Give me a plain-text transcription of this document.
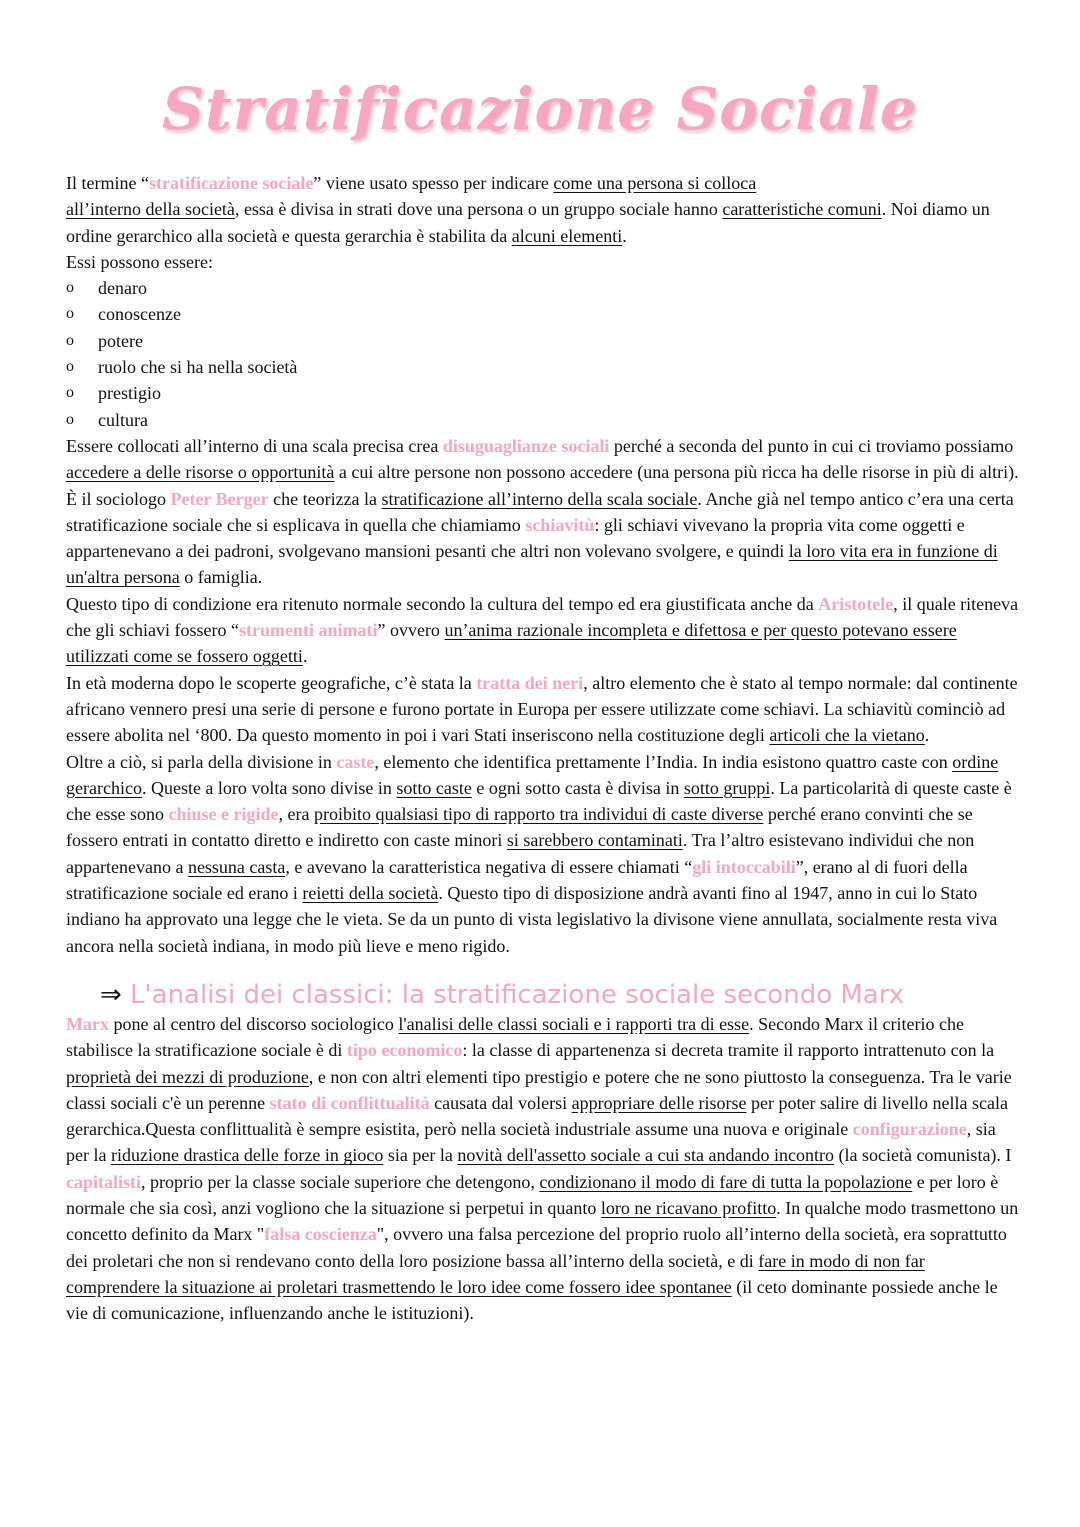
Stratificazione Sociale

Il termine “stratificazione sociale” viene usato spesso per indicare come una persona si colloca
all’interno della società, essa è divisa in strati dove una persona o un gruppo sociale hanno caratteristiche comuni. Noi diamo un ordine gerarchico alla società e questa gerarchia è stabilita da alcuni elementi.

Essi possono essere:

o	denaro
o	conoscenze
o	potere
o	ruolo che si ha nella società
o	prestigio
o	cultura

Essere collocati all’interno di una scala precisa crea disuguaglianze sociali perché a seconda del punto in cui ci troviamo possiamo accedere a delle risorse o opportunità a cui altre persone non possono accedere (una persona più ricca ha delle risorse in più di altri). È il sociologo Peter Berger che teorizza la stratificazione all’interno della scala sociale. Anche già nel tempo antico c’era una certa stratificazione sociale che si esplicava in quella che chiamiamo schiavitù: gli schiavi vivevano la propria vita come oggetti e appartenevano a dei padroni, svolgevano mansioni pesanti che altri non volevano svolgere, e quindi la loro vita era in funzione di un'altra persona o famiglia.

Questo tipo di condizione era ritenuto normale secondo la cultura del tempo ed era giustificata anche da Aristotele, il quale riteneva che gli schiavi fossero “strumenti animati” ovvero un’anima razionale incompleta e difettosa e per questo potevano essere utilizzati come se fossero oggetti.

In età moderna dopo le scoperte geografiche, c’è stata la tratta dei neri, altro elemento che è stato al tempo normale: dal continente africano vennero presi una serie di persone e furono portate in Europa per essere utilizzate come schiavi. La schiavitù cominciò ad essere abolita nel ‘800. Da questo momento in poi i vari Stati inseriscono nella costituzione degli articoli che la vietano.

Oltre a ciò, si parla della divisione in caste, elemento che identifica prettamente l’India. In india esistono quattro caste con ordine gerarchico. Queste a loro volta sono divise in sotto caste e ogni sotto casta è divisa in sotto gruppi. La particolarità di queste caste è che esse sono chiuse e rigide, era proibito qualsiasi tipo di rapporto tra individui di caste diverse perché erano convinti che se fossero entrati in contatto diretto e indiretto con caste minori si sarebbero contaminati. Tra l’altro esistevano individui che non appartenevano a nessuna casta, e avevano la caratteristica negativa di essere chiamati “gli intoccabili”, erano al di fuori della stratificazione sociale ed erano i reietti della società. Questo tipo di disposizione andrà avanti fino al 1947, anno in cui lo Stato indiano ha approvato una legge che le vieta. Se da un punto di vista legislativo la divisone viene annullata, socialmente resta viva ancora nella società indiana, in modo più lieve e meno rigido.

⇒ L'analisi dei classici: la stratificazione sociale secondo Marx

Marx pone al centro del discorso sociologico l'analisi delle classi sociali e i rapporti tra di esse. Secondo Marx il criterio che stabilisce la stratificazione sociale è di tipo economico: la classe di appartenenza si decreta tramite il rapporto intrattenuto con la proprietà dei mezzi di produzione, e non con altri elementi tipo prestigio e potere che ne sono piuttosto la conseguenza. Tra le varie classi sociali c'è un perenne stato di conflittualità causata dal volersi appropriare delle risorse per poter salire di livello nella scala gerarchica.Questa conflittualità è sempre esistita, però nella società industriale assume una nuova e originale configurazione, sia per la riduzione drastica delle forze in gioco sia per la novità dell'assetto sociale a cui sta andando incontro (la società comunista). I capitalisti, proprio per la classe sociale superiore che detengono, condizionano il modo di fare di tutta la popolazione e per loro è normale che sia così, anzi vogliono che la situazione si perpetui in quanto loro ne ricavano profitto. In qualche modo trasmettono un concetto definito da Marx "falsa coscienza", ovvero una falsa percezione del proprio ruolo all’interno della società, era soprattutto dei proletari che non si rendevano conto della loro posizione bassa all’interno della società, e di fare in modo di non far comprendere la situazione ai proletari trasmettendo le loro idee come fossero idee spontanee (il ceto dominante possiede anche le vie di comunicazione, influenzando anche le istituzioni).
